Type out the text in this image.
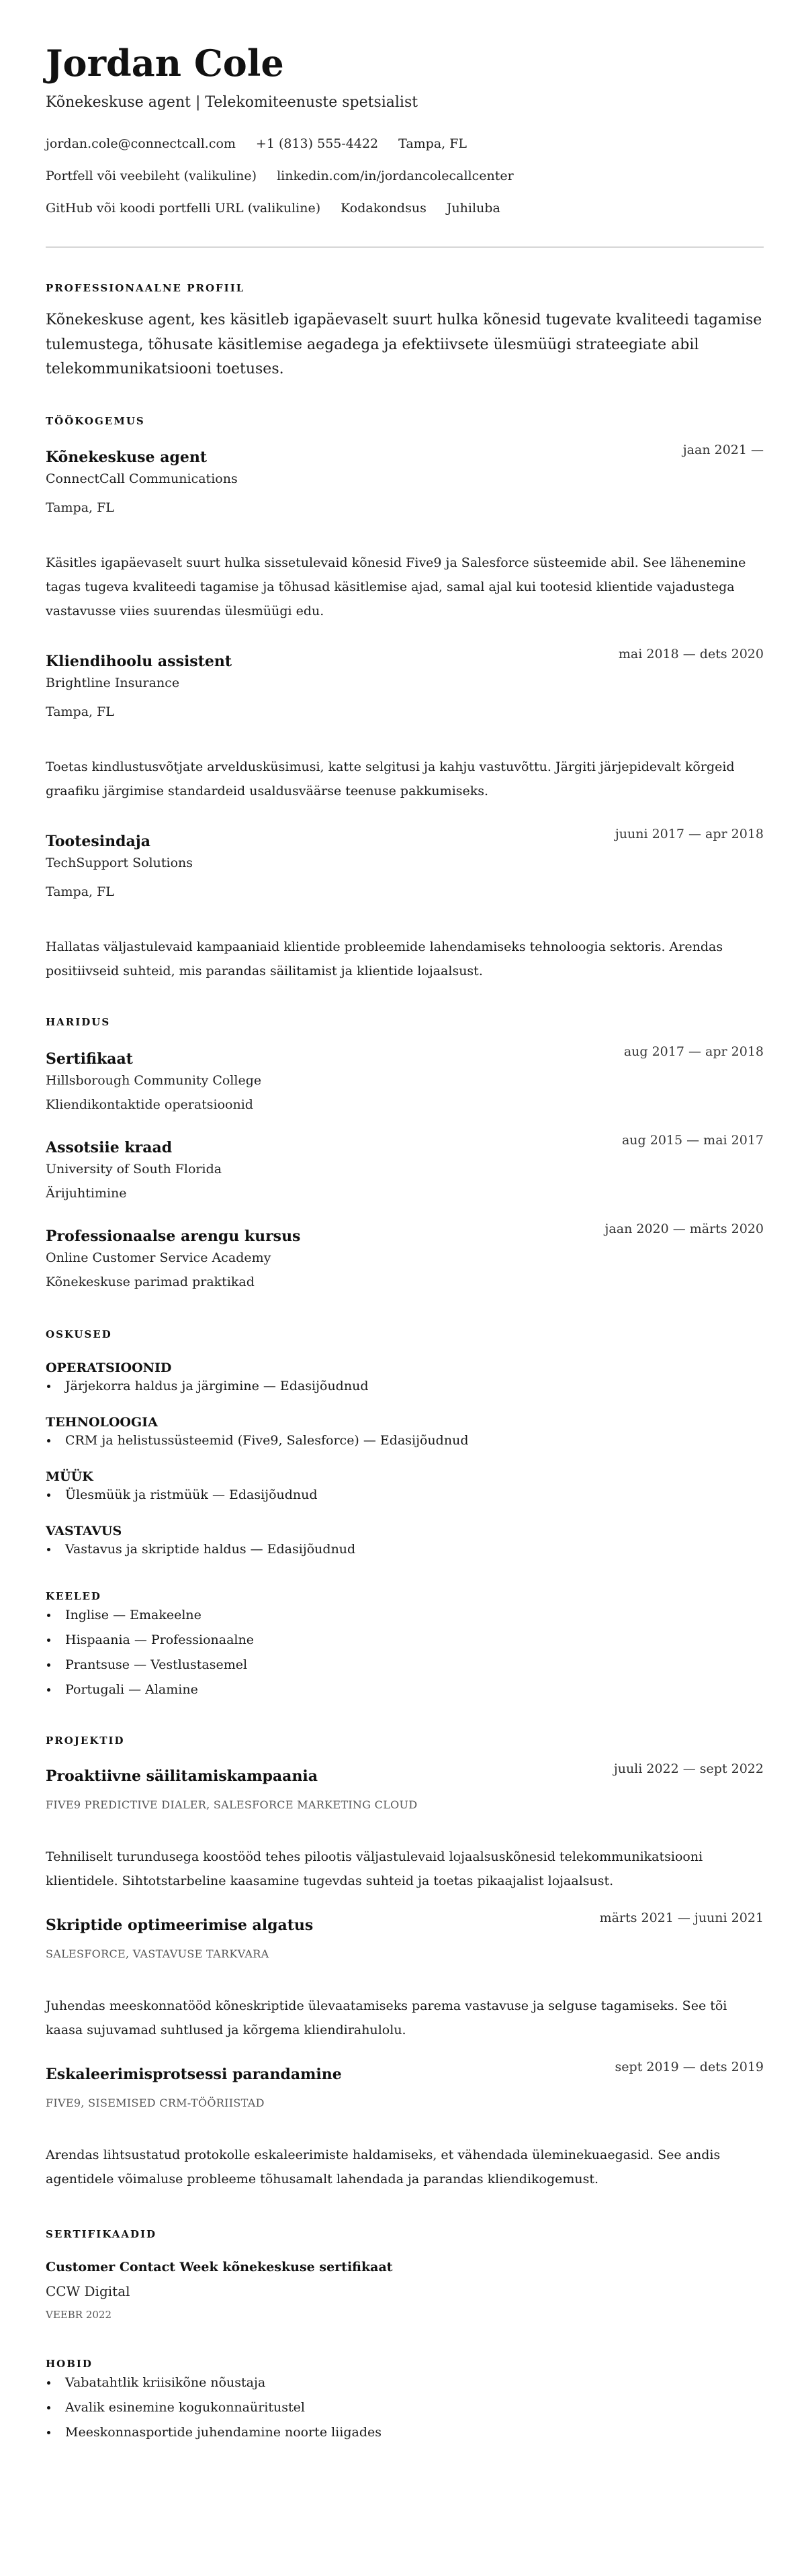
Jordan Cole
Kõnekeskuse agent | Telekomiteenuste spetsialist
jordan.cole@connectcall.com +1 (813) 555-4422 Tampa, FL
Portfell või veebileht (valikuline) linkedin.com/in/jordancolecallcenter
GitHub või koodi portfelli URL (valikuline) Kodakondsus Juhiluba
PROFESSIONAALNE PROFIIL
Kõnekeskuse agent, kes käsitleb igapäevaselt suurt hulka kõnesid tugevate kvaliteedi tagamise tulemustega, tõhusate käsitlemise aegadega ja efektiivsete ülesmüügi strateegiate abil telekommunikatsiooni toetuses.
TÖÖKOGEMUS
Kõnekeskuse agent	jaan 2021 —
ConnectCall Communications
Tampa, FL
Käsitles igapäevaselt suurt hulka sissetulevaid kõnesid Five9 ja Salesforce süsteemide abil. See lähenemine tagas tugeva kvaliteedi tagamise ja tõhusad käsitlemise ajad, samal ajal kui tootesid klientide vajadustega vastavusse viies suurendas ülesmüügi edu.
Kliendihoolu assistent	mai 2018 — dets 2020
Brightline Insurance
Tampa, FL
Toetas kindlustusvõtjate arveldusküsimusi, katte selgitusi ja kahju vastuvõttu. Järgiti järjepidevalt kõrgeid graafiku järgimise standardeid usaldusväärse teenuse pakkumiseks.
Tootesindaja	juuni 2017 — apr 2018
TechSupport Solutions
Tampa, FL
Hallatas väljastulevaid kampaaniaid klientide probleemide lahendamiseks tehnoloogia sektoris. Arendas positiivseid suhteid, mis parandas säilitamist ja klientide lojaalsust.
HARIDUS
Sertifikaat	aug 2017 — apr 2018
Hillsborough Community College
Kliendikontaktide operatsioonid
Assotsiie kraad	aug 2015 — mai 2017
University of South Florida
Ärijuhtimine
Professionaalse arengu kursus	jaan 2020 — märts 2020
Online Customer Service Academy
Kõnekeskuse parimad praktikad
OSKUSED
OPERATSIOONID
Järjekorra haldus ja järgimine — Edasijõudnud
TEHNOLOOGIA
CRM ja helistussüsteemid (Five9, Salesforce) — Edasijõudnud
MÜÜK
Ülesmüük ja ristmüük — Edasijõudnud
VASTAVUS
Vastavus ja skriptide haldus — Edasijõudnud
KEELED
Inglise — Emakeelne
Hispaania — Professionaalne
Prantsuse — Vestlustasemel
Portugali — Alamine
PROJEKTID
Proaktiivne säilitamiskampaania	juuli 2022 — sept 2022
FIVE9 PREDICTIVE DIALER, SALESFORCE MARKETING CLOUD
Tehniliselt turundusega koostööd tehes pilootis väljastulevaid lojaalsuskõnesid telekommunikatsiooni klientidele. Sihtotstarbeline kaasamine tugevdas suhteid ja toetas pikaajalist lojaalsust.
Skriptide optimeerimise algatus	märts 2021 — juuni 2021
SALESFORCE, VASTAVUSE TARKVARA
Juhendas meeskonnatööd kõneskriptide ülevaatamiseks parema vastavuse ja selguse tagamiseks. See tõi kaasa sujuvamad suhtlused ja kõrgema kliendirahulolu.
Eskaleerimisprotsessi parandamine	sept 2019 — dets 2019
FIVE9, SISEMISED CRM-TÖÖRIISTAD
Arendas lihtsustatud protokolle eskaleerimiste haldamiseks, et vähendada üleminekuaegasid. See andis agentidele võimaluse probleeme tõhusamalt lahendada ja parandas kliendikogemust.
SERTIFIKAADID
Customer Contact Week kõnekeskuse sertifikaat
CCW Digital
VEEBR 2022
HOBID
Vabatahtlik kriisikõne nõustaja
Avalik esinemine kogukonnaüritustel
Meeskonnasportide juhendamine noorte liigades
